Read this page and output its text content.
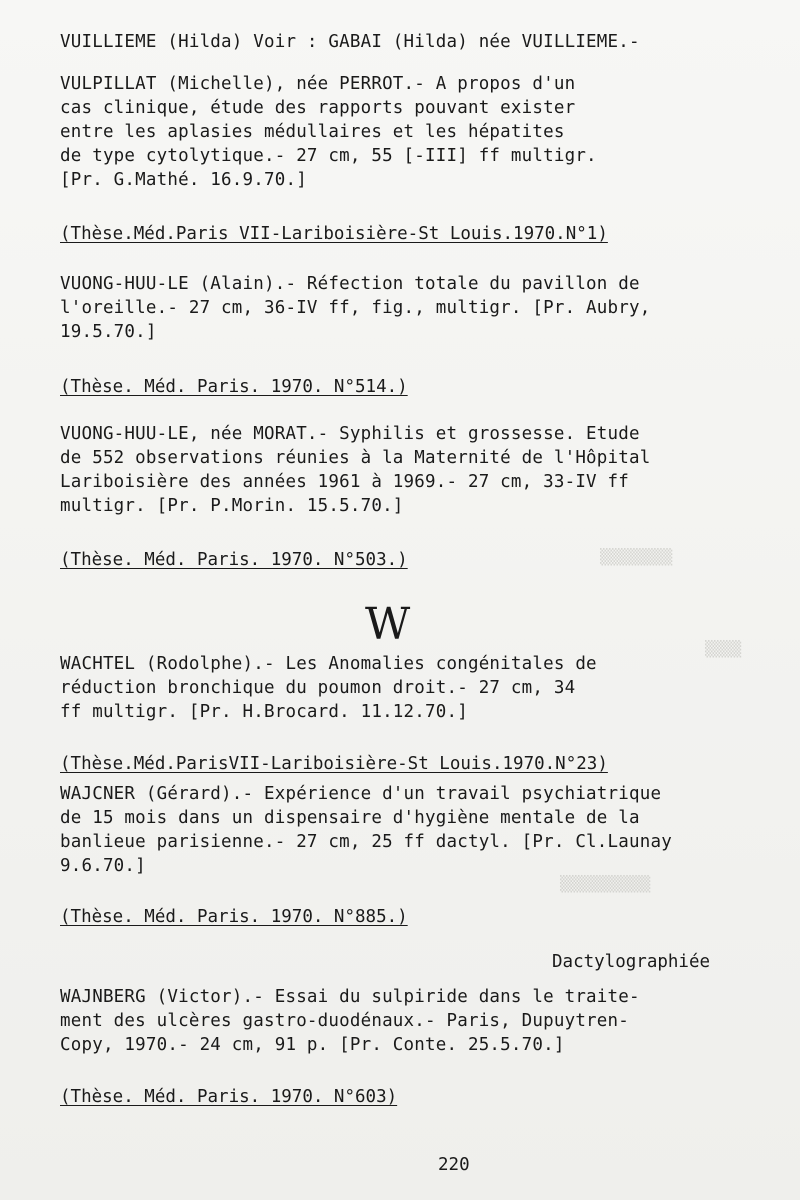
▒▒▒▒▒▒▒▒
▒▒▒▒
▒▒▒▒▒▒▒▒▒▒
VUILLIEME (Hilda) Voir : GABAI (Hilda) née VUILLIEME.-
VULPILLAT (Michelle), née PERROT.- A propos d'un
cas clinique, étude des rapports pouvant exister
entre les aplasies médullaires et les hépatites
de type cytolytique.- 27 cm, 55 [-III] ff multigr.
[Pr. G.Mathé. 16.9.70.]
(Thèse.Méd.Paris VII-Lariboisière-St Louis.1970.N°1)
VUONG-HUU-LE (Alain).- Réfection totale du pavillon de
l'oreille.- 27 cm, 36-IV ff, fig., multigr. [Pr. Aubry,
19.5.70.]
(Thèse. Méd. Paris. 1970. N°514.)
VUONG-HUU-LE, née MORAT.- Syphilis et grossesse. Etude
de 552 observations réunies à la Maternité de l'Hôpital
Lariboisière des années 1961 à 1969.- 27 cm, 33-IV ff
multigr. [Pr. P.Morin. 15.5.70.]
(Thèse. Méd. Paris. 1970. N°503.)
W
WACHTEL (Rodolphe).- Les Anomalies congénitales de
réduction bronchique du poumon droit.- 27 cm, 34
ff multigr. [Pr. H.Brocard. 11.12.70.]
(Thèse.Méd.ParisVII-Lariboisière-St Louis.1970.N°23)
WAJCNER (Gérard).- Expérience d'un travail psychiatrique
de 15 mois dans un dispensaire d'hygiène mentale de la
banlieue parisienne.- 27 cm, 25 ff dactyl. [Pr. Cl.Launay
9.6.70.]
(Thèse. Méd. Paris. 1970. N°885.)
Dactylographiée
WAJNBERG (Victor).- Essai du sulpiride dans le traite-
ment des ulcères gastro-duodénaux.- Paris, Dupuytren-
Copy, 1970.- 24 cm, 91 p. [Pr. Conte. 25.5.70.]
(Thèse. Méd. Paris. 1970. N°603)
220
